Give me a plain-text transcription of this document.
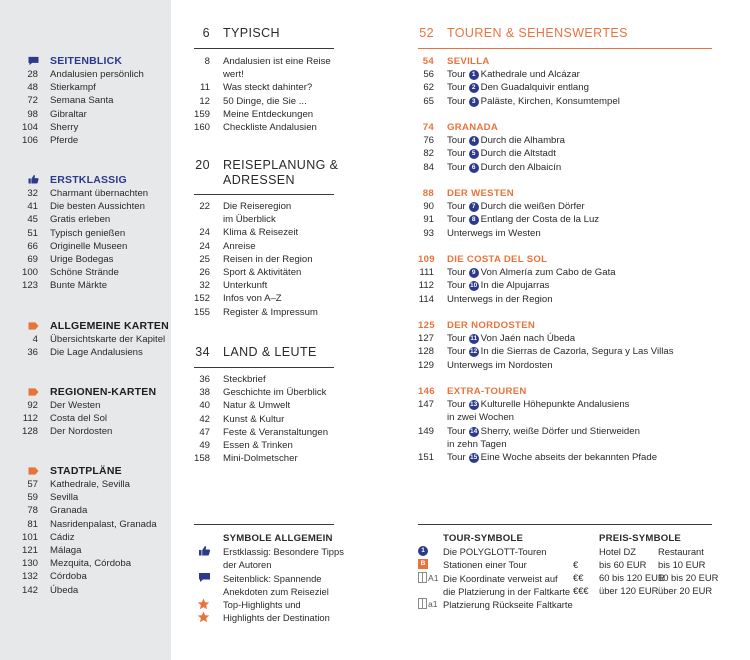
SEITENBLICK
28 Andalusien persönlich
48 Stierkampf
72 Semana Santa
98 Gibraltar
104 Sherry
106 Pferde
ERSTKLASSIG
32 Charmant übernachten
41 Die besten Aussichten
45 Gratis erleben
51 Typisch genießen
66 Originelle Museen
69 Urige Bodegas
100 Schöne Strände
123 Bunte Märkte
ALLGEMEINE KARTEN
4 Übersichtskarte der Kapitel
36 Die Lage Andalusiens
REGIONEN-KARTEN
92 Der Westen
112 Costa del Sol
128 Der Nordosten
STADTPLÄNE
57 Kathedrale, Sevilla
59 Sevilla
78 Granada
81 Nasridenpalast, Granada
101 Cádiz
121 Málaga
130 Mezquita, Córdoba
132 Córdoba
142 Úbeda
6 TYPISCH
8 Andalusien ist eine Reise
wert!
11 Was steckt dahinter?
12 50 Dinge, die Sie ...
159 Meine Entdeckungen
160 Checkliste Andalusien
20 REISEPLANUNG &
ADRESSEN
22 Die Reiseregion
im Überblick
24 Klima & Reisezeit
24 Anreise
25 Reisen in der Region
26 Sport & Aktivitäten
32 Unterkunft
152 Infos von A–Z
155 Register & Impressum
34 LAND & LEUTE
36 Steckbrief
38 Geschichte im Überblick
40 Natur & Umwelt
42 Kunst & Kultur
47 Feste & Veranstaltungen
49 Essen & Trinken
158 Mini-Dolmetscher
52 TOUREN & SEHENSWERTES
54 SEVILLA
56 Tour 1 Kathedrale und Alcázar
62 Tour 2 Den Guadalquivir entlang
65 Tour 3 Paläste, Kirchen, Konsumtempel
74 GRANADA
76 Tour 4 Durch die Alhambra
82 Tour 5 Durch die Altstadt
84 Tour 6 Durch den Albaicín
88 DER WESTEN
90 Tour 7 Durch die weißen Dörfer
91 Tour 8 Entlang der Costa de la Luz
93 Unterwegs im Westen
109 DIE COSTA DEL SOL
111 Tour 9 Von Almería zum Cabo de Gata
112 Tour 10 In die Alpujarras
114 Unterwegs in der Region
125 DER NORDOSTEN
127 Tour 11 Von Jaén nach Úbeda
128 Tour 12 In die Sierras de Cazorla, Segura y Las Villas
129 Unterwegs im Nordosten
146 EXTRA-TOUREN
147 Tour 13 Kulturelle Höhepunkte Andalusiens
in zwei Wochen
149 Tour 14 Sherry, weiße Dörfer und Stierweiden
in zehn Tagen
151 Tour 15 Eine Woche abseits der bekannten Pfade
SYMBOLE ALLGEMEIN
Erstklassig: Besondere Tipps
der Autoren
Seitenblick: Spannende
Anekdoten zum Reiseziel
Top-Highlights und
Highlights der Destination
TOUR-SYMBOLE
1
B
A1
a1
Die POLYGLOTT-Touren
Stationen einer Tour
Die Koordinate verweist auf
die Platzierung in der Faltkarte
Platzierung Rückseite Faltkarte
PREIS-SYMBOLE
Hotel DZ Restaurant
€ bis 60 EUR bis 10 EUR
€€ 60 bis 120 EUR
10 bis 20 EUR
€€€ über 120 EUR über 20 EUR
